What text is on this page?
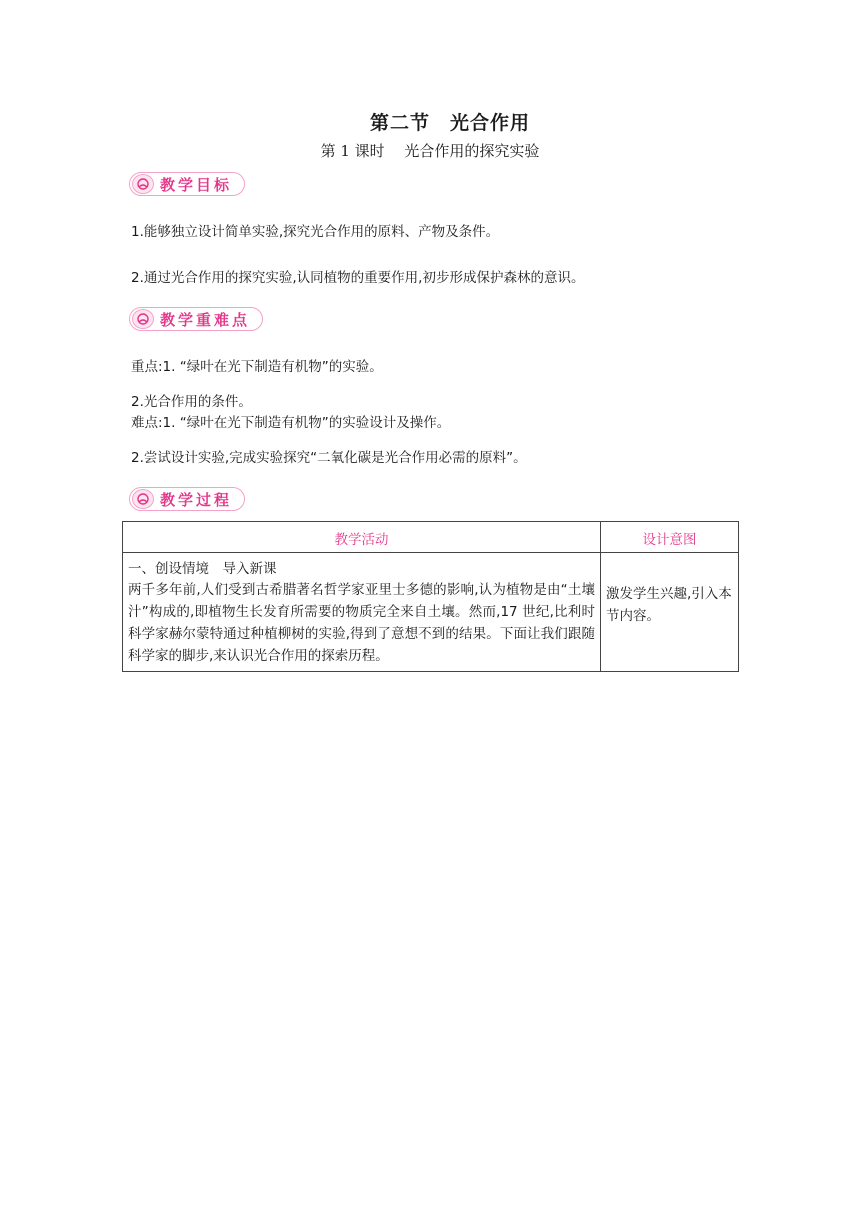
第二节　光合作用
第 1 课时　 光合作用的探究实验
教学目标
1.能够独立设计简单实验,探究光合作用的原料、产物及条件。
2.通过光合作用的探究实验,认同植物的重要作用,初步形成保护森林的意识。
教学重难点
重点:1. “绿叶在光下制造有机物”的实验。
2.光合作用的条件。
难点:1. “绿叶在光下制造有机物”的实验设计及操作。
2.尝试设计实验,完成实验探究“二氧化碳是光合作用必需的原料”。
教学过程
教学活动	设计意图

一、创设情境　导入新课
两千多年前,人们受到古希腊著名哲学家亚里士多德的影响,认为植物是由“土壤汁”构成的,即植物生长发育所需要的物质完全来自土壤。然而,17 世纪,比利时科学家赫尔蒙特通过种植柳树的实验,得到了意想不到的结果。下面让我们跟随科学家的脚步,来认识光合作用的探索历程。	激发学生兴趣,引入本节内容。
